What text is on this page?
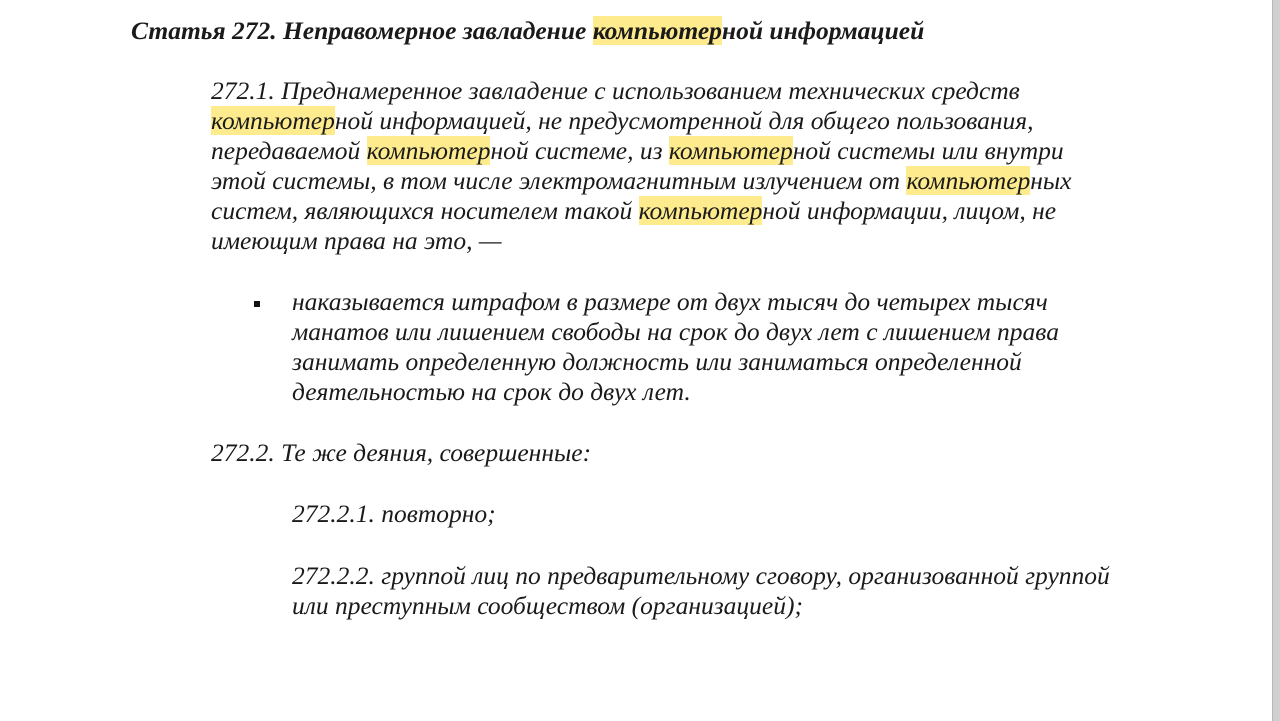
Статья 272. Неправомерное завладение компьютерной информацией
272.1. Преднамеренное завладение с использованием технических средств
компьютерной информацией, не предусмотренной для общего пользования,
передаваемой компьютерной системе, из компьютерной системы или внутри
этой системы, в том числе электромагнитным излучением от компьютерных
систем, являющихся носителем такой компьютерной информации, лицом, не
имеющим права на это, —
наказывается штрафом в размере от двух тысяч до четырех тысяч
манатов или лишением свободы на срок до двух лет с лишением права
занимать определенную должность или заниматься определенной
деятельностью на срок до двух лет.
272.2. Те же деяния, совершенные:
272.2.1. повторно;
272.2.2. группой лиц по предварительному сговору, организованной группой
или преступным сообществом (организацией);
